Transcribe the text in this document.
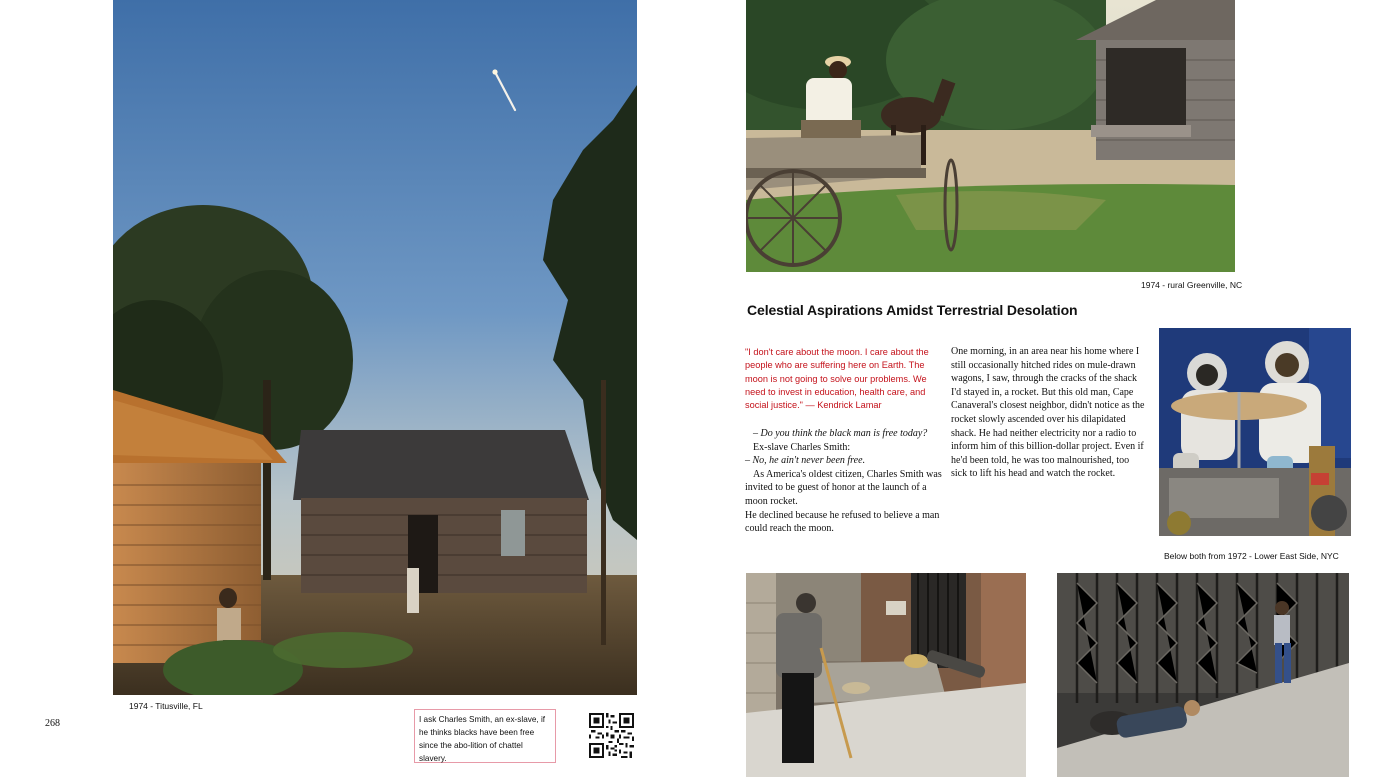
1974 - Titusville, FL
268	I ask Charles Smith, an ex-slave, if he thinks blacks have been free since the abo-lition of chattel slavery.
1974 - rural Greenville, NC
Celestial Aspirations Amidst Terrestrial Desolation
"I don't care about the moon. I care about the people who are suffering here on Earth. The moon is not going to solve our problems. We need to invest in education, health care, and social justice." — Kendrick Lamar
– Do you think the black man is free today?
Ex-slave Charles Smith:
– No, he ain't never been free.
As America's oldest citizen, Charles Smith was invited to be guest of honor at the launch of a moon rocket.
He declined because he refused to believe a man could reach the moon.
One morning, in an area near his home where I still occasionally hitched rides on mule-drawn wagons, I saw, through the cracks of the shack I'd stayed in, a rocket. But this old man, Cape Canaveral's closest neighbor, didn't notice as the rocket slowly ascended over his dilapidated shack. He had neither electricity nor a radio to inform him of this billion-dollar project. Even if he'd been told, he was too malnourished, too sick to lift his head and watch the rocket.
Below both from 1972 - Lower East Side, NYC
